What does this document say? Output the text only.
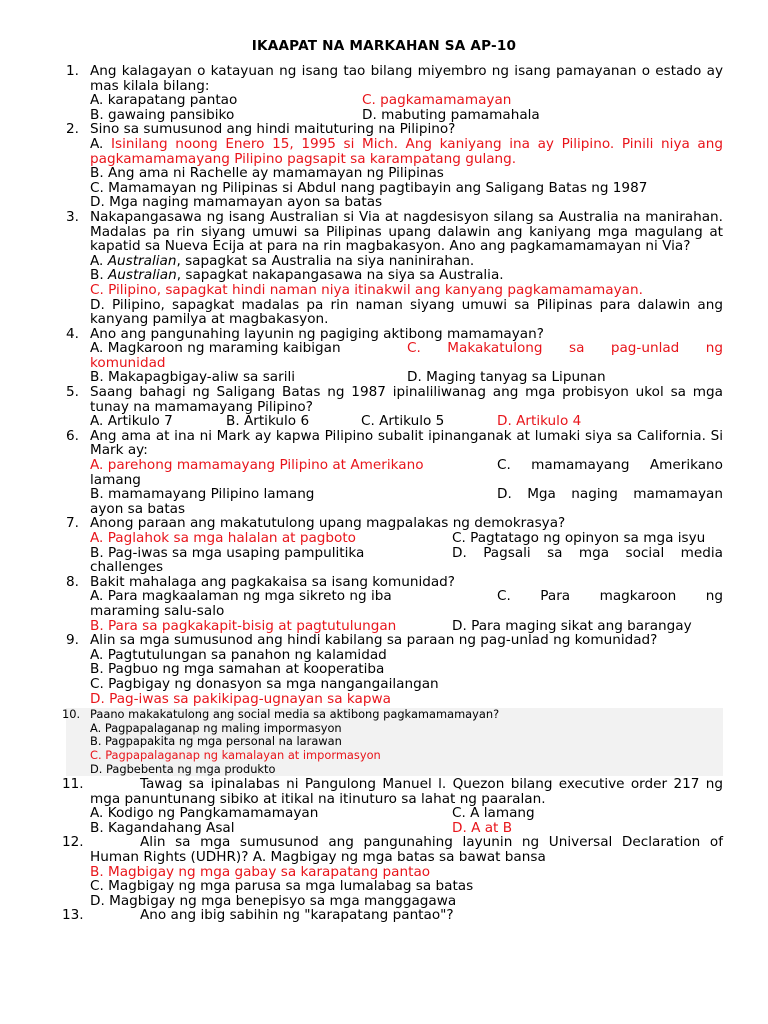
IKAAPAT NA MARKAHAN SA AP-10
1. Ang kalagayan o katayuan ng isang tao bilang miyembro ng isang pamayanan o estado ay mas kilala bilang:
A. karapatang pantao	C. pagkamamamayan
B. gawaing pansibiko	D. mabuting pamamahala
2. Sino sa sumusunod ang hindi maituturing na Pilipino?
A. Isinilang noong Enero 15, 1995 si Mich. Ang kaniyang ina ay Pilipino. Pinili niya ang pagkamamamayang Pilipino pagsapit sa karampatang gulang.
B. Ang ama ni Rachelle ay mamamayan ng Pilipinas
C. Mamamayan ng Pilipinas si Abdul nang pagtibayin ang Saligang Batas ng 1987
D. Mga naging mamamayan ayon sa batas
3. Nakapangasawa ng isang Australian si Via at nagdesisyon silang sa Australia na manirahan. Madalas pa rin siyang umuwi sa Pilipinas upang dalawin ang kaniyang mga magulang at kapatid sa Nueva Ecija at para na rin magbakasyon. Ano ang pagkamamamayan ni Via?
A. Australian, sapagkat sa Australia na siya naninirahan.
B. Australian, sapagkat nakapangasawa na siya sa Australia.
C. Pilipino, sapagkat hindi naman niya itinakwil ang kanyang pagkamamamayan.
D. Pilipino, sapagkat madalas pa rin naman siyang umuwi sa Pilipinas para dalawin ang kanyang pamilya at magbakasyon.
4. Ano ang pangunahing layunin ng pagiging aktibong mamamayan?
A. Magkaroon ng maraming kaibigan	C. Makakatulong sa pag-unlad ng
komunidad
B. Makapagbigay-aliw sa sarili	D. Maging tanyag sa Lipunan
5. Saang bahagi ng Saligang Batas ng 1987 ipinaliliwanag ang mga probisyon ukol sa mga tunay na mamamayang Pilipino?
A. Artikulo 7	B. Artikulo 6	C. Artikulo 5	D. Artikulo 4
6. Ang ama at ina ni Mark ay kapwa Pilipino subalit ipinanganak at lumaki siya sa California. Si Mark ay:
A. parehong mamamayang Pilipino at Amerikano	C. mamamayang Amerikano
lamang
B. mamamayang Pilipino lamang	D. Mga naging mamamayan
ayon sa batas
7. Anong paraan ang makatutulong upang magpalakas ng demokrasya?
A. Paglahok sa mga halalan at pagboto	C. Pagtatago ng opinyon sa mga isyu
B. Pag-iwas sa mga usaping pampulitika	D. Pagsali sa mga social media
challenges
8. Bakit mahalaga ang pagkakaisa sa isang komunidad?
A. Para magkaalaman ng mga sikreto ng iba	C. Para magkaroon ng
maraming salu-salo
B. Para sa pagkakapit-bisig at pagtutulungan	D. Para maging sikat ang barangay
9. Alin sa mga sumusunod ang hindi kabilang sa paraan ng pag-unlad ng komunidad?
A. Pagtutulungan sa panahon ng kalamidad
B. Pagbuo ng mga samahan at kooperatiba
C. Pagbigay ng donasyon sa mga nangangailangan
D. Pag-iwas sa pakikipag-ugnayan sa kapwa
10. Paano makakatulong ang social media sa aktibong pagkamamamayan?
A. Pagpapalaganap ng maling impormasyon
B. Pagpapakita ng mga personal na larawan
C. Pagpapalaganap ng kamalayan at impormasyon
D. Pagbebenta ng mga produkto
11.	Tawag sa ipinalabas ni Pangulong Manuel l. Quezon bilang executive order 217 ng mga panuntunang sibiko at itikal na itinuturo sa lahat ng paaralan.
A. Kodigo ng Pangkamamamayan	C. A lamang
B. Kagandahang Asal	D. A at B
12.	Alin sa mga sumusunod ang pangunahing layunin ng Universal Declaration of Human Rights (UDHR)? A. Magbigay ng mga batas sa bawat bansa
B. Magbigay ng mga gabay sa karapatang pantao
C. Magbigay ng mga parusa sa mga lumalabag sa batas
D. Magbigay ng mga benepisyo sa mga manggagawa
13.	Ano ang ibig sabihin ng "karapatang pantao"?
